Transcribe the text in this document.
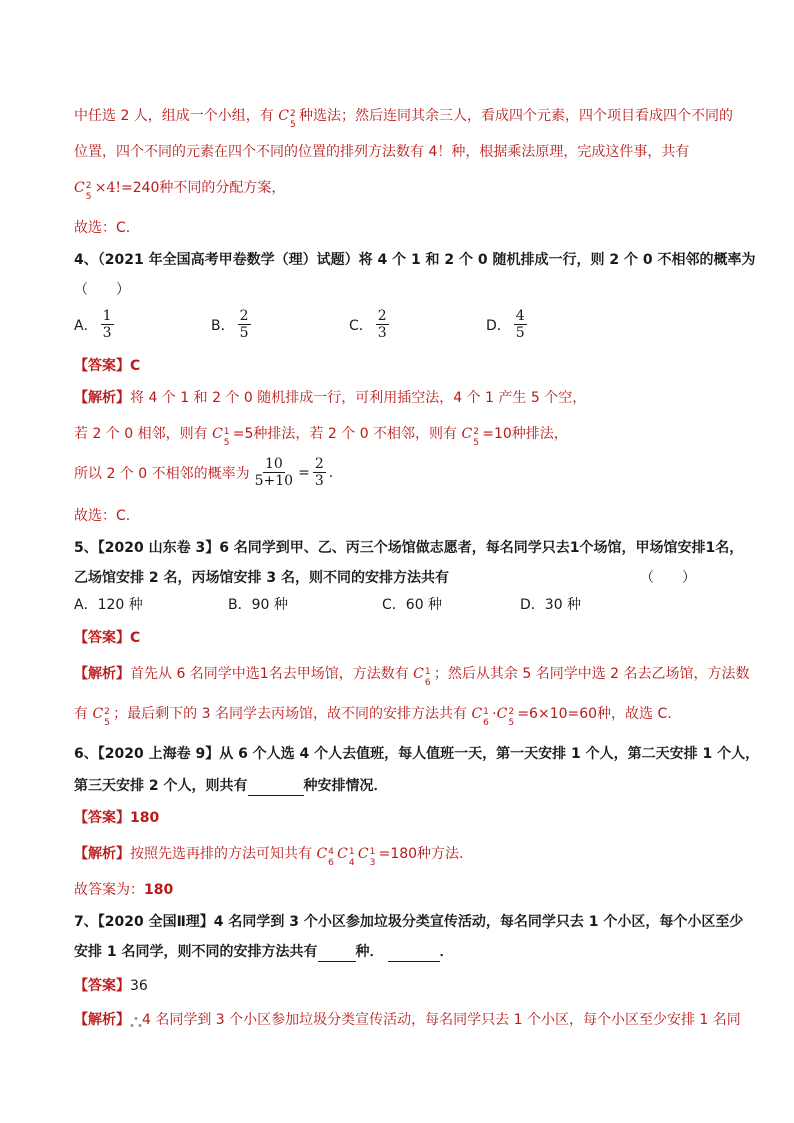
中任选 2 人，组成一个小组，有 C 2
5
种选法；然后连同其余三人，看成四个元素，四个项目看成四个不同的
位置，四个不同的元素在四个不同的位置的排列方法数有 4！种，根据乘法原理，完成这件事，共有
C 2
5
×4!=240种不同的分配方案，
故选：C.
4、（2021 年全国高考甲卷数学（理）试题）将 4 个 1 和 2 个 0 随机排成一行，则 2 个 0 不相邻的概率为
（　　）
A． $\frac{1}{3}$	B． $\frac{2}{5}$	C． $\frac{2}{3}$	D． $\frac{4}{5}$
【答案】C
【解析】将 4 个 1 和 2 个 0 随机排成一行，可利用插空法，4 个 1 产生 5 个空，
若 2 个 0 相邻，则有 C 1
5
=5种排法，若 2 个 0 不相邻，则有 C 2
5
=10种排法，
所以 2 个 0 不相邻的概率为 $\frac{10}{5+10} = \frac{2}{3}$ .
故选：C.
5、【2020 山东卷 3】6 名同学到甲、乙、丙三个场馆做志愿者，每名同学只去1个场馆，甲场馆安排1名，
乙场馆安排 2 名，丙场馆安排 3 名，则不同的安排方法共有	（　　）
A． 120 种	B． 90 种	C． 60 种	D． 30 种
【答案】C
【解析】首先从 6 名同学中选1名去甲场馆，方法数有 C 1
6
；然后从其余 5 名同学中选 2 名去乙场馆，方法数
有 C 2
5
；最后剩下的 3 名同学去丙场馆，故不同的安排方法共有 C 1
6
·C 2
5
=6×10=60种，故选 C.
6、【2020 上海卷 9】从 6 个人选 4 个人去值班，每人值班一天，第一天安排 1 个人，第二天安排 1 个人，
第三天安排 2 个人，则共有	种安排情况．
【答案】180
【解析】按照先选再排的方法可知共有 C 4
6
C 1
4
C 1
3
=180种方法．
故答案为：180
7、【2020 全国Ⅱ理】4 名同学到 3 个小区参加垃圾分类宣传活动，每名同学只去 1 个小区，每个小区至少
安排 1 名同学，则不同的安排方法共有	种．	．
【答案】36
【解析】 4 名同学到 3 个小区参加垃圾分类宣传活动，每名同学只去 1 个小区，每个小区至少安排 1 名同
